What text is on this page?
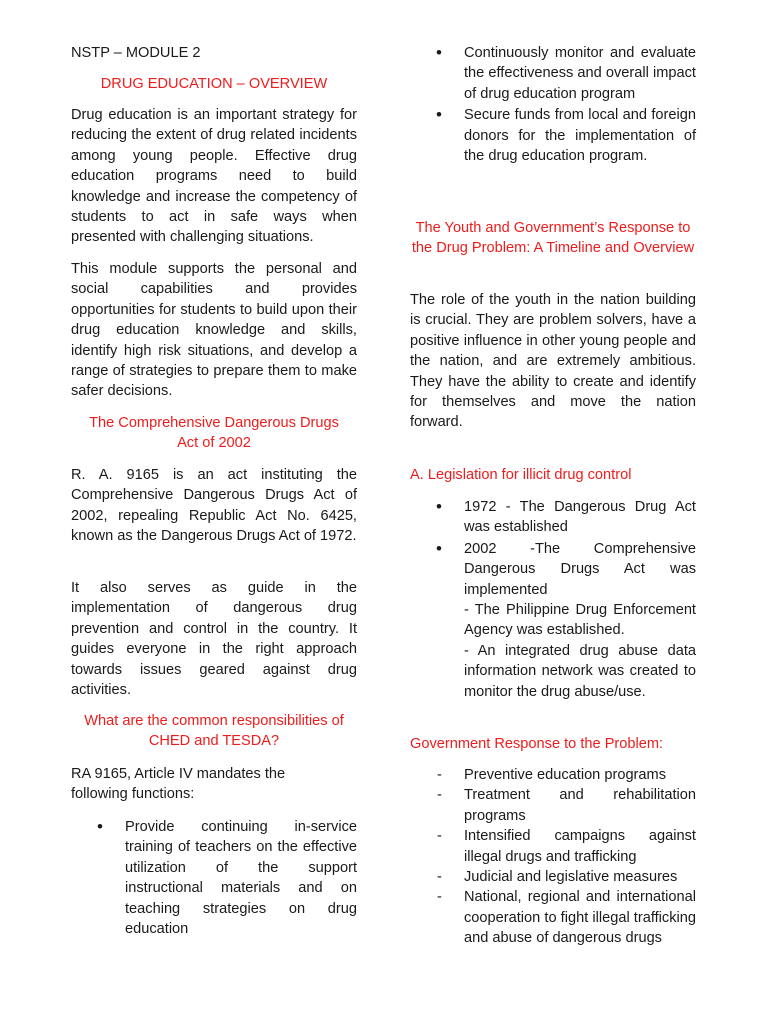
NSTP – MODULE 2

DRUG EDUCATION – OVERVIEW

Drug education is an important strategy for reducing the extent of drug related incidents among young people. Effective drug education programs need to build knowledge and increase the competency of students to act in safe ways when presented with challenging situations.

This module supports the personal and social capabilities and provides opportunities for students to build upon their drug education knowledge and skills, identify high risk situations, and develop a range of strategies to prepare them to make safer decisions.

The Comprehensive Dangerous Drugs Act of 2002

R. A. 9165 is an act instituting the Comprehensive Dangerous Drugs Act of 2002, repealing Republic Act No. 6425, known as the Dangerous Drugs Act of 1972.

It also serves as guide in the implementation of dangerous drug prevention and control in the country. It guides everyone in the right approach towards issues geared against drug activities.

What are the common responsibilities of CHED and TESDA?

RA 9165, Article IV mandates the following functions:

• Provide continuing in-service training of teachers on the effective utilization of the support instructional materials and on teaching strategies on drug education
• Continuously monitor and evaluate the effectiveness and overall impact of drug education program
• Secure funds from local and foreign donors for the implementation of the drug education program.

The Youth and Government’s Response to the Drug Problem: A Timeline and Overview

The role of the youth in the nation building is crucial. They are problem solvers, have a positive influence in other young people and the nation, and are extremely ambitious. They have the ability to create and identify for themselves and move the nation forward.

A. Legislation for illicit drug control

• 1972 - The Dangerous Drug Act was established
• 2002 -The Comprehensive Dangerous Drugs Act was implemented
- The Philippine Drug Enforcement Agency was established.
- An integrated drug abuse data information network was created to monitor the drug abuse/use.

Government Response to the Problem:

- Preventive education programs
- Treatment and rehabilitation programs
- Intensified campaigns against illegal drugs and trafficking
- Judicial and legislative measures
- National, regional and international cooperation to fight illegal trafficking and abuse of dangerous drugs
